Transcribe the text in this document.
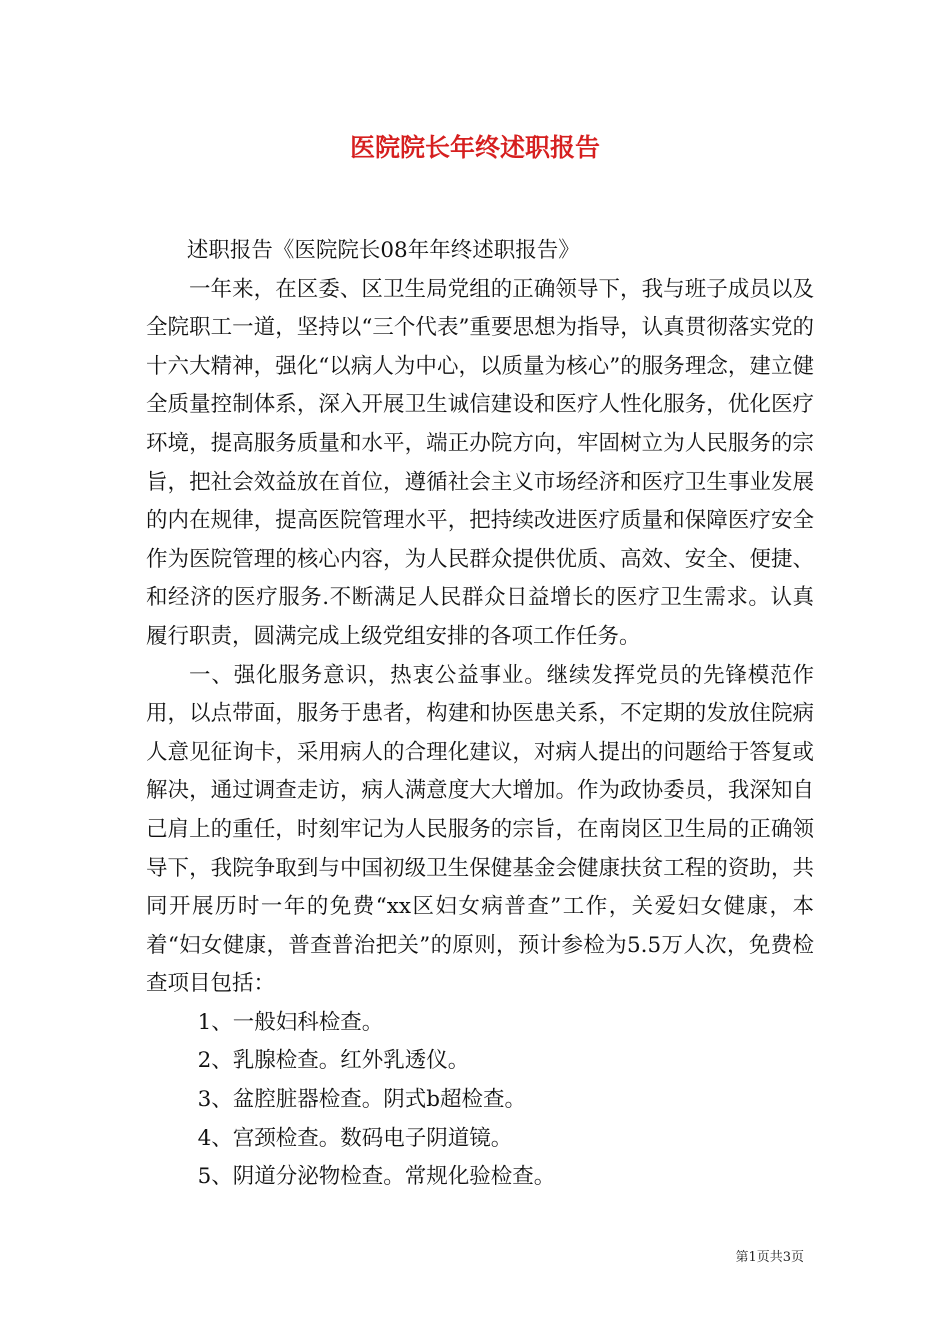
医院院长年终述职报告

述职报告《医院院长08年年终述职报告》

一年来，在区委、区卫生局党组的正确领导下，我与班子成员以及全院职工一道，坚持以“三个代表”重要思想为指导，认真贯彻落实党的十六大精神，强化“以病人为中心，以质量为核心”的服务理念，建立健全质量控制体系，深入开展卫生诚信建设和医疗人性化服务，优化医疗环境，提高服务质量和水平，端正办院方向，牢固树立为人民服务的宗旨，把社会效益放在首位，遵循社会主义市场经济和医疗卫生事业发展的内在规律，提高医院管理水平，把持续改进医疗质量和保障医疗安全作为医院管理的核心内容，为人民群众提供优质、高效、安全、便捷、和经济的医疗服务.不断满足人民群众日益增长的医疗卫生需求。认真履行职责，圆满完成上级党组安排的各项工作任务。

一、强化服务意识，热衷公益事业。继续发挥党员的先锋模范作用，以点带面，服务于患者，构建和协医患关系，不定期的发放住院病人意见征询卡，采用病人的合理化建议，对病人提出的问题给于答复或解决，通过调查走访，病人满意度大大增加。作为政协委员，我深知自己肩上的重任，时刻牢记为人民服务的宗旨，在南岗区卫生局的正确领导下，我院争取到与中国初级卫生保健基金会健康扶贫工程的资助，共同开展历时一年的免费“xx区妇女病普查”工作，关爱妇女健康，本着“妇女健康，普查普治把关”的原则，预计参检为5.5万人次，免费检查项目包括：

1、一般妇科检查。

2、乳腺检查。红外乳透仪。

3、盆腔脏器检查。阴式b超检查。

4、宫颈检查。数码电子阴道镜。

5、阴道分泌物检查。常规化验检查。

第1页共3页
